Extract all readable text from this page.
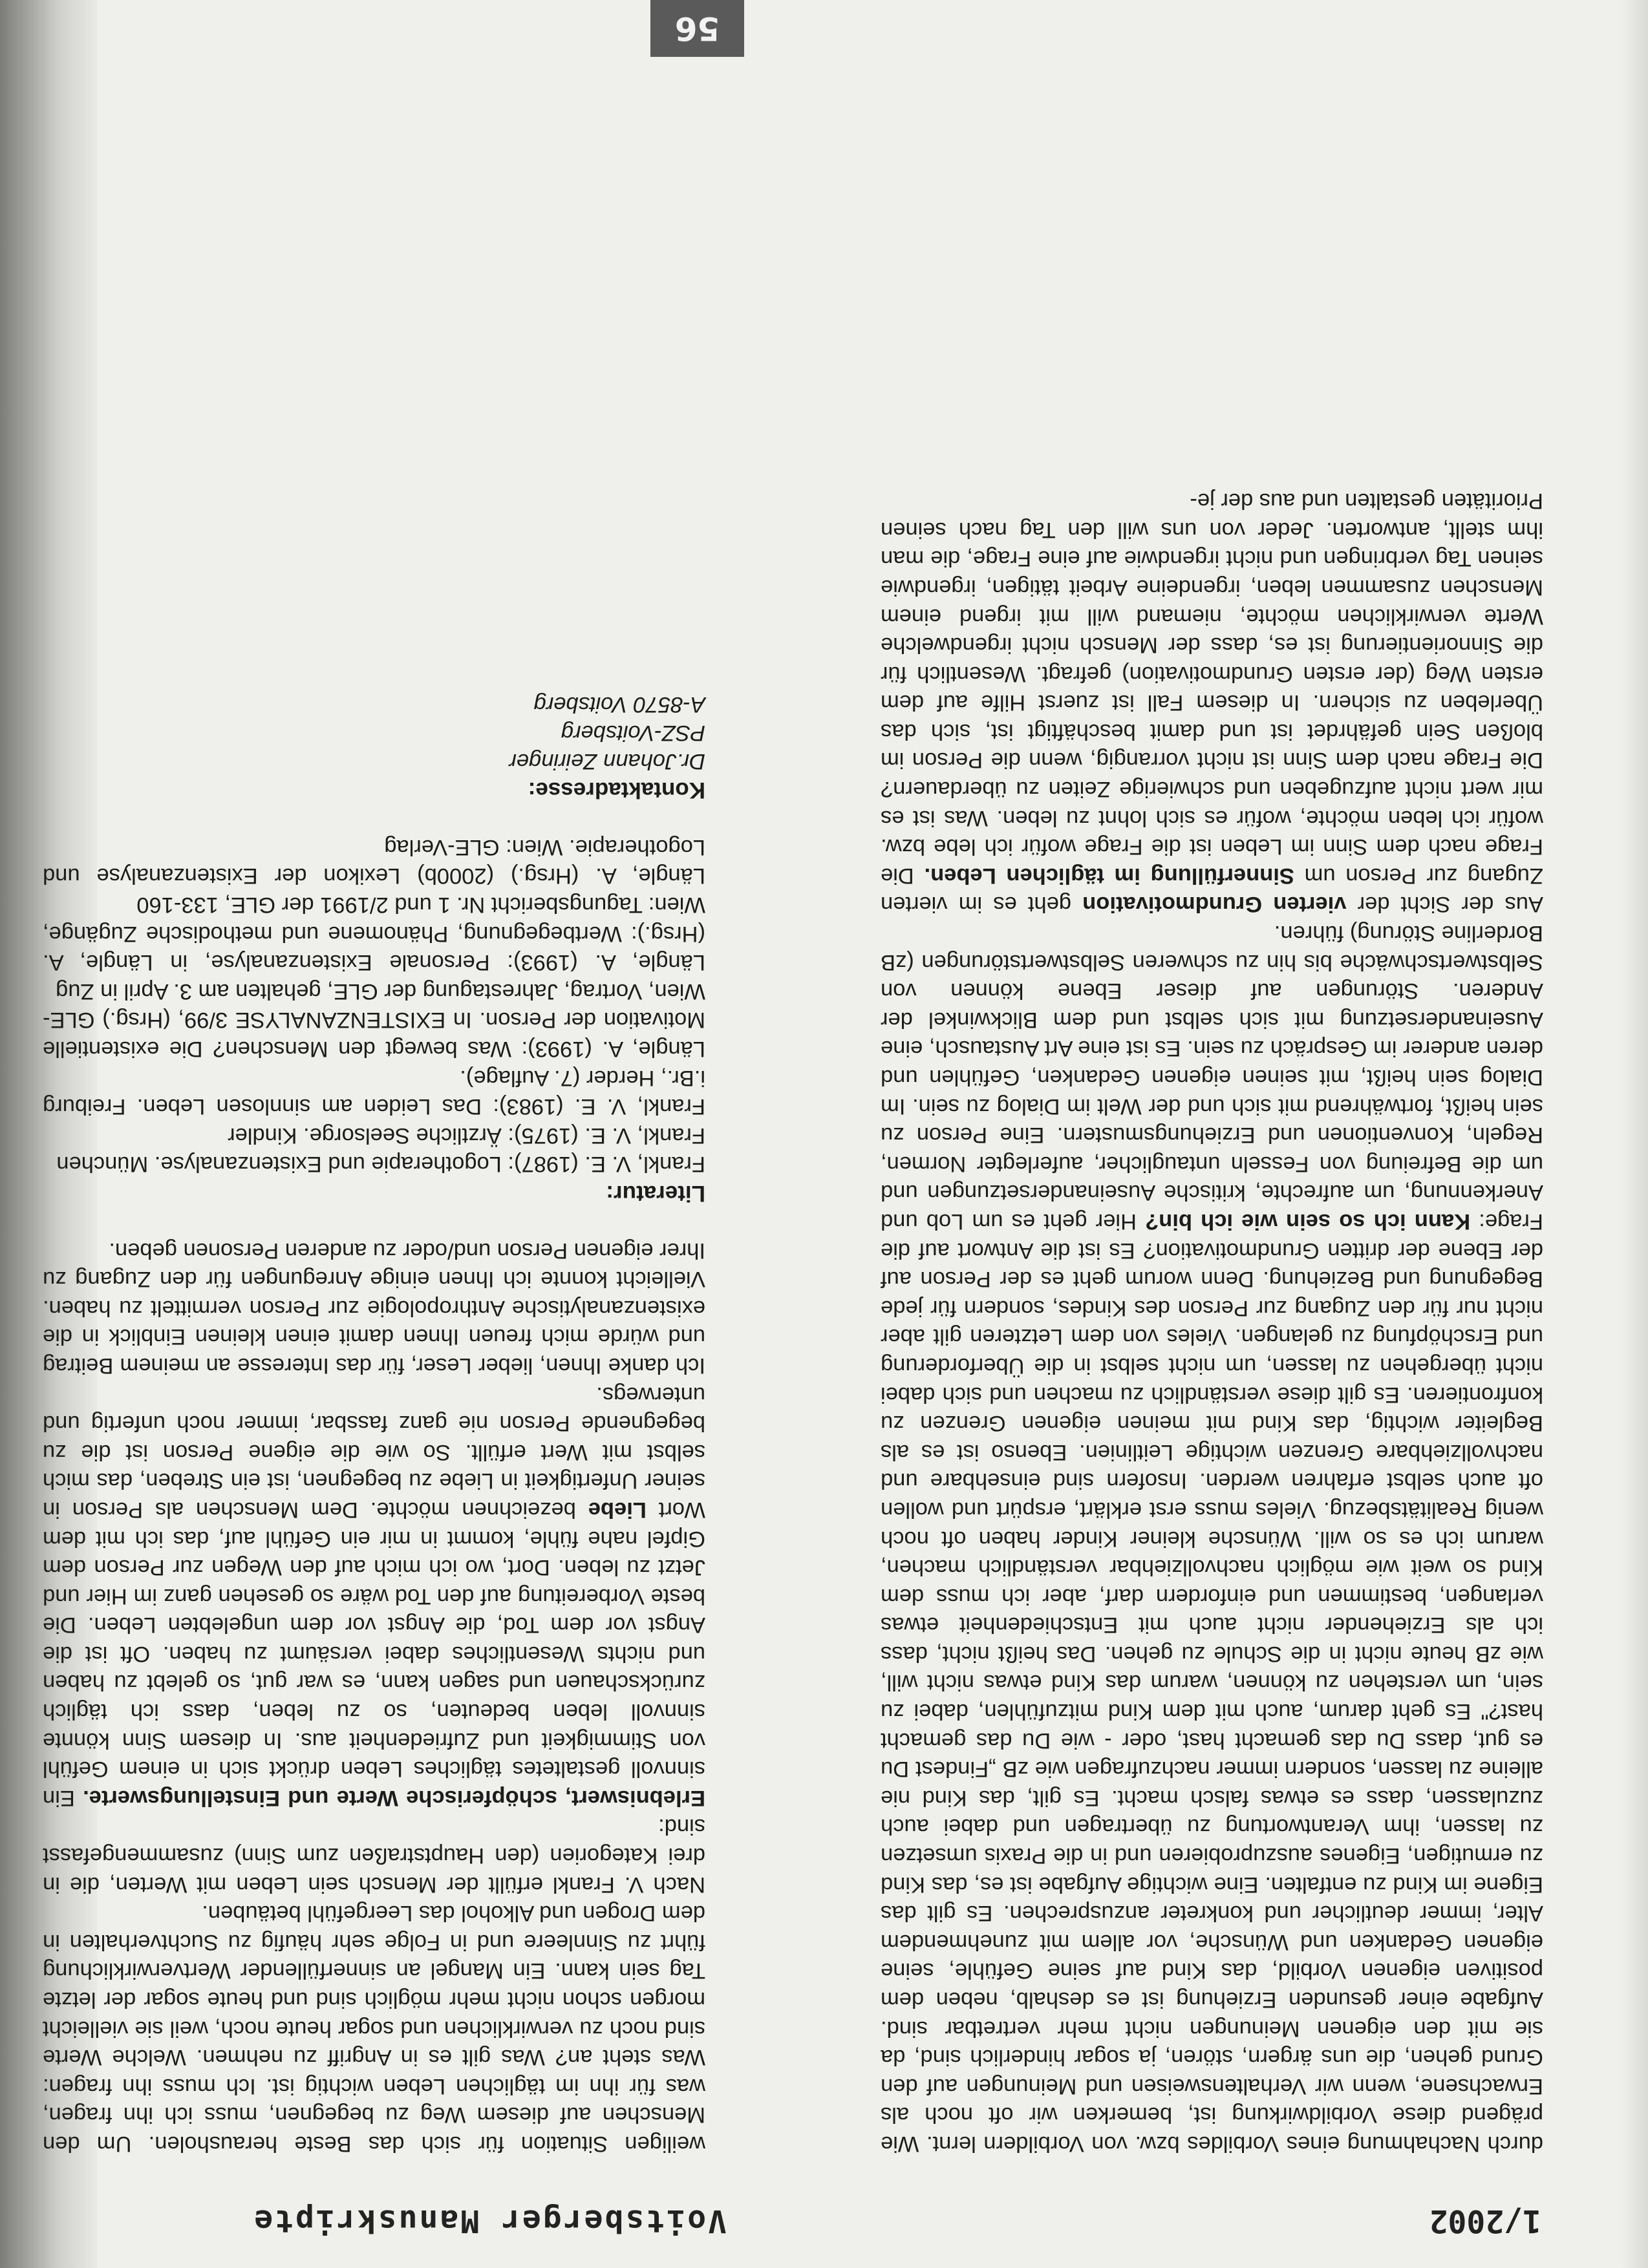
1/2002
Voitsberger Manuskripte

durch Nachahmung eines Vorbildes bzw. von Vorbildern lernt. Wie prägend diese Vorbildwirkung ist, bemerken wir oft noch als Erwachsene, wenn wir Verhaltensweisen und Meinungen auf den Grund gehen, die uns ärgern, stören, ja sogar hinderlich sind, da sie mit den eigenen Meinungen nicht mehr vertretbar sind. Aufgabe einer gesunden Erziehung ist es deshalb, neben dem positiven eigenen Vorbild, das Kind auf seine Gefühle, seine eigenen Gedanken und Wünsche, vor allem mit zunehmendem Alter, immer deutlicher und konkreter anzusprechen. Es gilt das Eigene im Kind zu entfalten. Eine wichtige Aufgabe ist es, das Kind zu ermutigen, Eigenes auszuprobieren und in die Praxis umsetzen zu lassen, ihm Verantwortung zu übertragen und dabei auch zuzulassen, dass es etwas falsch macht. Es gilt, das Kind nie alleine zu lassen, sondern immer nachzufragen wie zB „Findest Du es gut, dass Du das gemacht hast, oder - wie Du das gemacht hast?" Es geht darum, auch mit dem Kind mitzufühlen, dabei zu sein, um verstehen zu können, warum das Kind etwas nicht will, wie zB heute nicht in die Schule zu gehen. Das heißt nicht, dass ich als Erziehender nicht auch mit Entschiedenheit etwas verlangen, bestimmen und einfordern darf, aber ich muss dem Kind so weit wie möglich nachvollziehbar verständlich machen, warum ich es so will. Wünsche kleiner Kinder haben oft noch wenig Realitätsbezug. Vieles muss erst erklärt, erspürt und wollen oft auch selbst erfahren werden. Insofern sind einsehbare und nachvollziehbare Grenzen wichtige Leitlinien. Ebenso ist es als Begleiter wichtig, das Kind mit meinen eigenen Grenzen zu konfrontieren. Es gilt diese verständlich zu machen und sich dabei nicht übergehen zu lassen, um nicht selbst in die Überforderung und Erschöpfung zu gelangen. Vieles von dem Letzteren gilt aber nicht nur für den Zugang zur Person des Kindes, sondern für jede Begegnung und Beziehung. Denn worum geht es der Person auf der Ebene der dritten Grundmotivation? Es ist die Antwort auf die Frage: Kann ich so sein wie ich bin? Hier geht es um Lob und Anerkennung, um aufrechte, kritische Auseinandersetzungen und um die Befreiung von Fesseln untauglicher, auferlegter Normen, Regeln, Konventionen und Erziehungsmustern. Eine Person zu sein heißt, fortwährend mit sich und der Welt im Dialog zu sein. Im Dialog sein heißt, mit seinen eigenen Gedanken, Gefühlen und deren anderer im Gespräch zu sein. Es ist eine Art Austausch, eine Auseinandersetzung mit sich selbst und dem Blickwinkel der Anderen. Störungen auf dieser Ebene können von Selbstwertschwäche bis hin zu schweren Selbstwertstörungen (zB Borderline Störung) führen.

Aus der Sicht der vierten Grundmotivation geht es im vierten Zugang zur Person um Sinnerfüllung im täglichen Leben. Die Frage nach dem Sinn im Leben ist die Frage wofür ich lebe bzw. wofür ich leben möchte, wofür es sich lohnt zu leben. Was ist es mir wert nicht aufzugeben und schwierige Zeiten zu überdauern? Die Frage nach dem Sinn ist nicht vorrangig, wenn die Person im bloßen Sein gefährdet ist und damit beschäftigt ist, sich das Überleben zu sichern. In diesem Fall ist zuerst Hilfe auf dem ersten Weg (der ersten Grundmotivation) gefragt. Wesentlich für die Sinnorientierung ist es, dass der Mensch nicht irgendwelche Werte verwirklichen möchte, niemand will mit irgend einem Menschen zusammen leben, irgendeine Arbeit tätigen, irgendwie seinen Tag verbringen und nicht irgendwie auf eine Frage, die man ihm stellt, antworten. Jeder von uns will den Tag nach seinen Prioritäten gestalten und aus der je-

weiligen Situation für sich das Beste herausholen. Um den Menschen auf diesem Weg zu begegnen, muss ich ihn fragen, was für ihn im täglichen Leben wichtig ist. Ich muss ihn fragen: Was steht an? Was gilt es in Angriff zu nehmen. Welche Werte sind noch zu verwirklichen und sogar heute noch, weil sie vielleicht morgen schon nicht mehr möglich sind und heute sogar der letzte Tag sein kann. Ein Mangel an sinnerfüllender Wertverwirklichung führt zu Sinnleere und in Folge sehr häufig zu Suchtverhalten in dem Drogen und Alkohol das Leergefühl betäuben.

Nach V. Frankl erfüllt der Mensch sein Leben mit Werten, die in drei Kategorien (den Hauptstraßen zum Sinn) zusammengefasst sind:

Erlebniswert, schöpferische Werte und Einstellungswerte. Ein sinnvoll gestaltetes tägliches Leben drückt sich in einem Gefühl von Stimmigkeit und Zufriedenheit aus. In diesem Sinn könnte sinnvoll leben bedeuten, so zu leben, dass ich täglich zurückschauen und sagen kann, es war gut, so gelebt zu haben und nichts Wesentliches dabei versäumt zu haben. Oft ist die Angst vor dem Tod, die Angst vor dem ungelebten Leben. Die beste Vorbereitung auf den Tod wäre so gesehen ganz im Hier und Jetzt zu leben. Dort, wo ich mich auf den Wegen zur Person dem Gipfel nahe fühle, kommt in mir ein Gefühl auf, das ich mit dem Wort Liebe bezeichnen möchte. Dem Menschen als Person in seiner Unfertigkeit in Liebe zu begegnen, ist ein Streben, das mich selbst mit Wert erfüllt. So wie die eigene Person ist die zu begegnende Person nie ganz fassbar, immer noch unfertig und unterwegs.

Ich danke Ihnen, lieber Leser, für das Interesse an meinem Beitrag und würde mich freuen Ihnen damit einen kleinen Einblick in die existenzanalytische Anthropologie zur Person vermittelt zu haben. Vielleicht konnte ich Ihnen einige Anregungen für den Zugang zu Ihrer eigenen Person und/oder zu anderen Personen geben.

Literatur:

Frankl, V. E. (1987): Logotherapie und Existenzanalyse. München

Frankl, V. E. (1975): Ärztliche Seelsorge. Kindler

Frankl, V. E. (1983): Das Leiden am sinnlosen Leben. Freiburg i.Br., Herder (7. Auflage).

Längle, A. (1993): Was bewegt den Menschen? Die existentielle Motivation der Person. In EXISTENZANALYSE 3/99, (Hrsg.) GLE-Wien, Vortrag, Jahrestagung der GLE, gehalten am 3. April in Zug

Längle, A. (1993): Personale Existenzanalyse, in Längle, A. (Hrsg.): Wertbegegnung, Phänomene und methodische Zugänge, Wien: Tagungsbericht Nr. 1 und 2/1991 der GLE, 133-160

Längle, A. (Hrsg.) (2000b) Lexikon der Existenzanalyse und Logotherapie. Wien: GLE-Verlag

Kontaktadresse:

Dr.Johann Zeiringer

PSZ-Voitsberg

A-8570 Voitsberg

56
